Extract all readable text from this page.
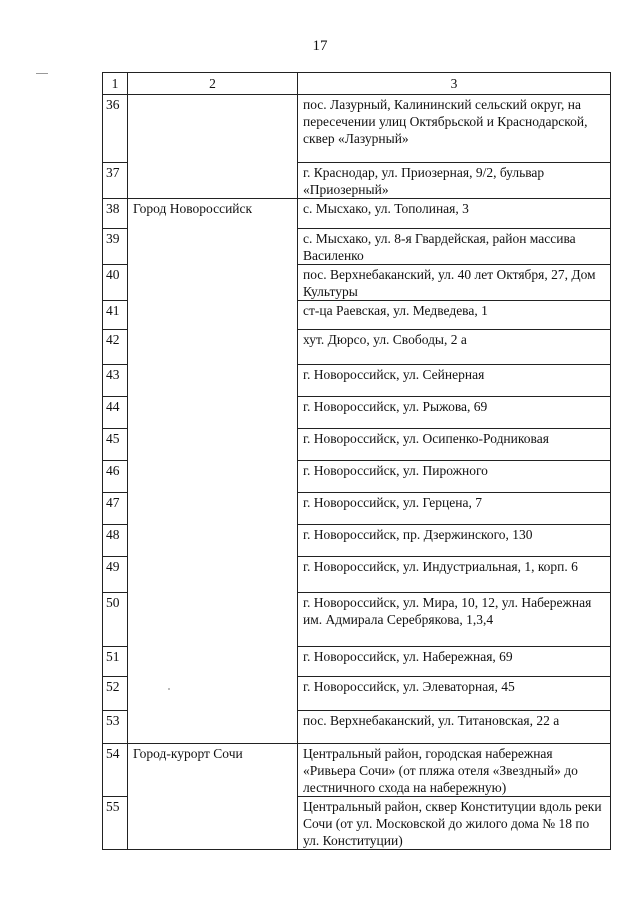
17
1	2	3
36		пос. Лазурный, Калининский сельский округ, на пересечении улиц Октябрьской и Краснодарской, сквер «Лазурный»
37		г. Краснодар, ул. Приозерная, 9/2, бульвар «Приозерный»
38	Город Новороссийск	с. Мысхако, ул. Тополиная, 3
39		с. Мысхако, ул. 8-я Гвардейская, район массива Василенко
40		пос. Верхнебаканский, ул. 40 лет Октября, 27, Дом Культуры
41		ст-ца Раевская, ул. Медведева, 1
42		хут. Дюрсо, ул. Свободы, 2 а
43		г. Новороссийск, ул. Сейнерная
44		г. Новороссийск, ул. Рыжова, 69
45		г. Новороссийск, ул. Осипенко-Родниковая
46		г. Новороссийск, ул. Пирожного
47		г. Новороссийск, ул. Герцена, 7
48		г. Новороссийск, пр. Дзержинского, 130
49		г. Новороссийск, ул. Индустриальная, 1, корп. 6
50		г. Новороссийск, ул. Мира, 10, 12, ул. Набережная им. Адмирала Серебрякова, 1,3,4
51		г. Новороссийск, ул. Набережная, 69
52		г. Новороссийск, ул. Элеваторная, 45
53		пос. Верхнебаканский, ул. Титановская, 22 а
54	Город-курорт Сочи	Центральный район, городская набережная «Ривьера Сочи» (от пляжа отеля «Звездный» до лестничного схода на набережную)
55		Центральный район, сквер Конституции вдоль реки Сочи (от ул. Московской до жилого дома № 18 по ул. Конституции)
